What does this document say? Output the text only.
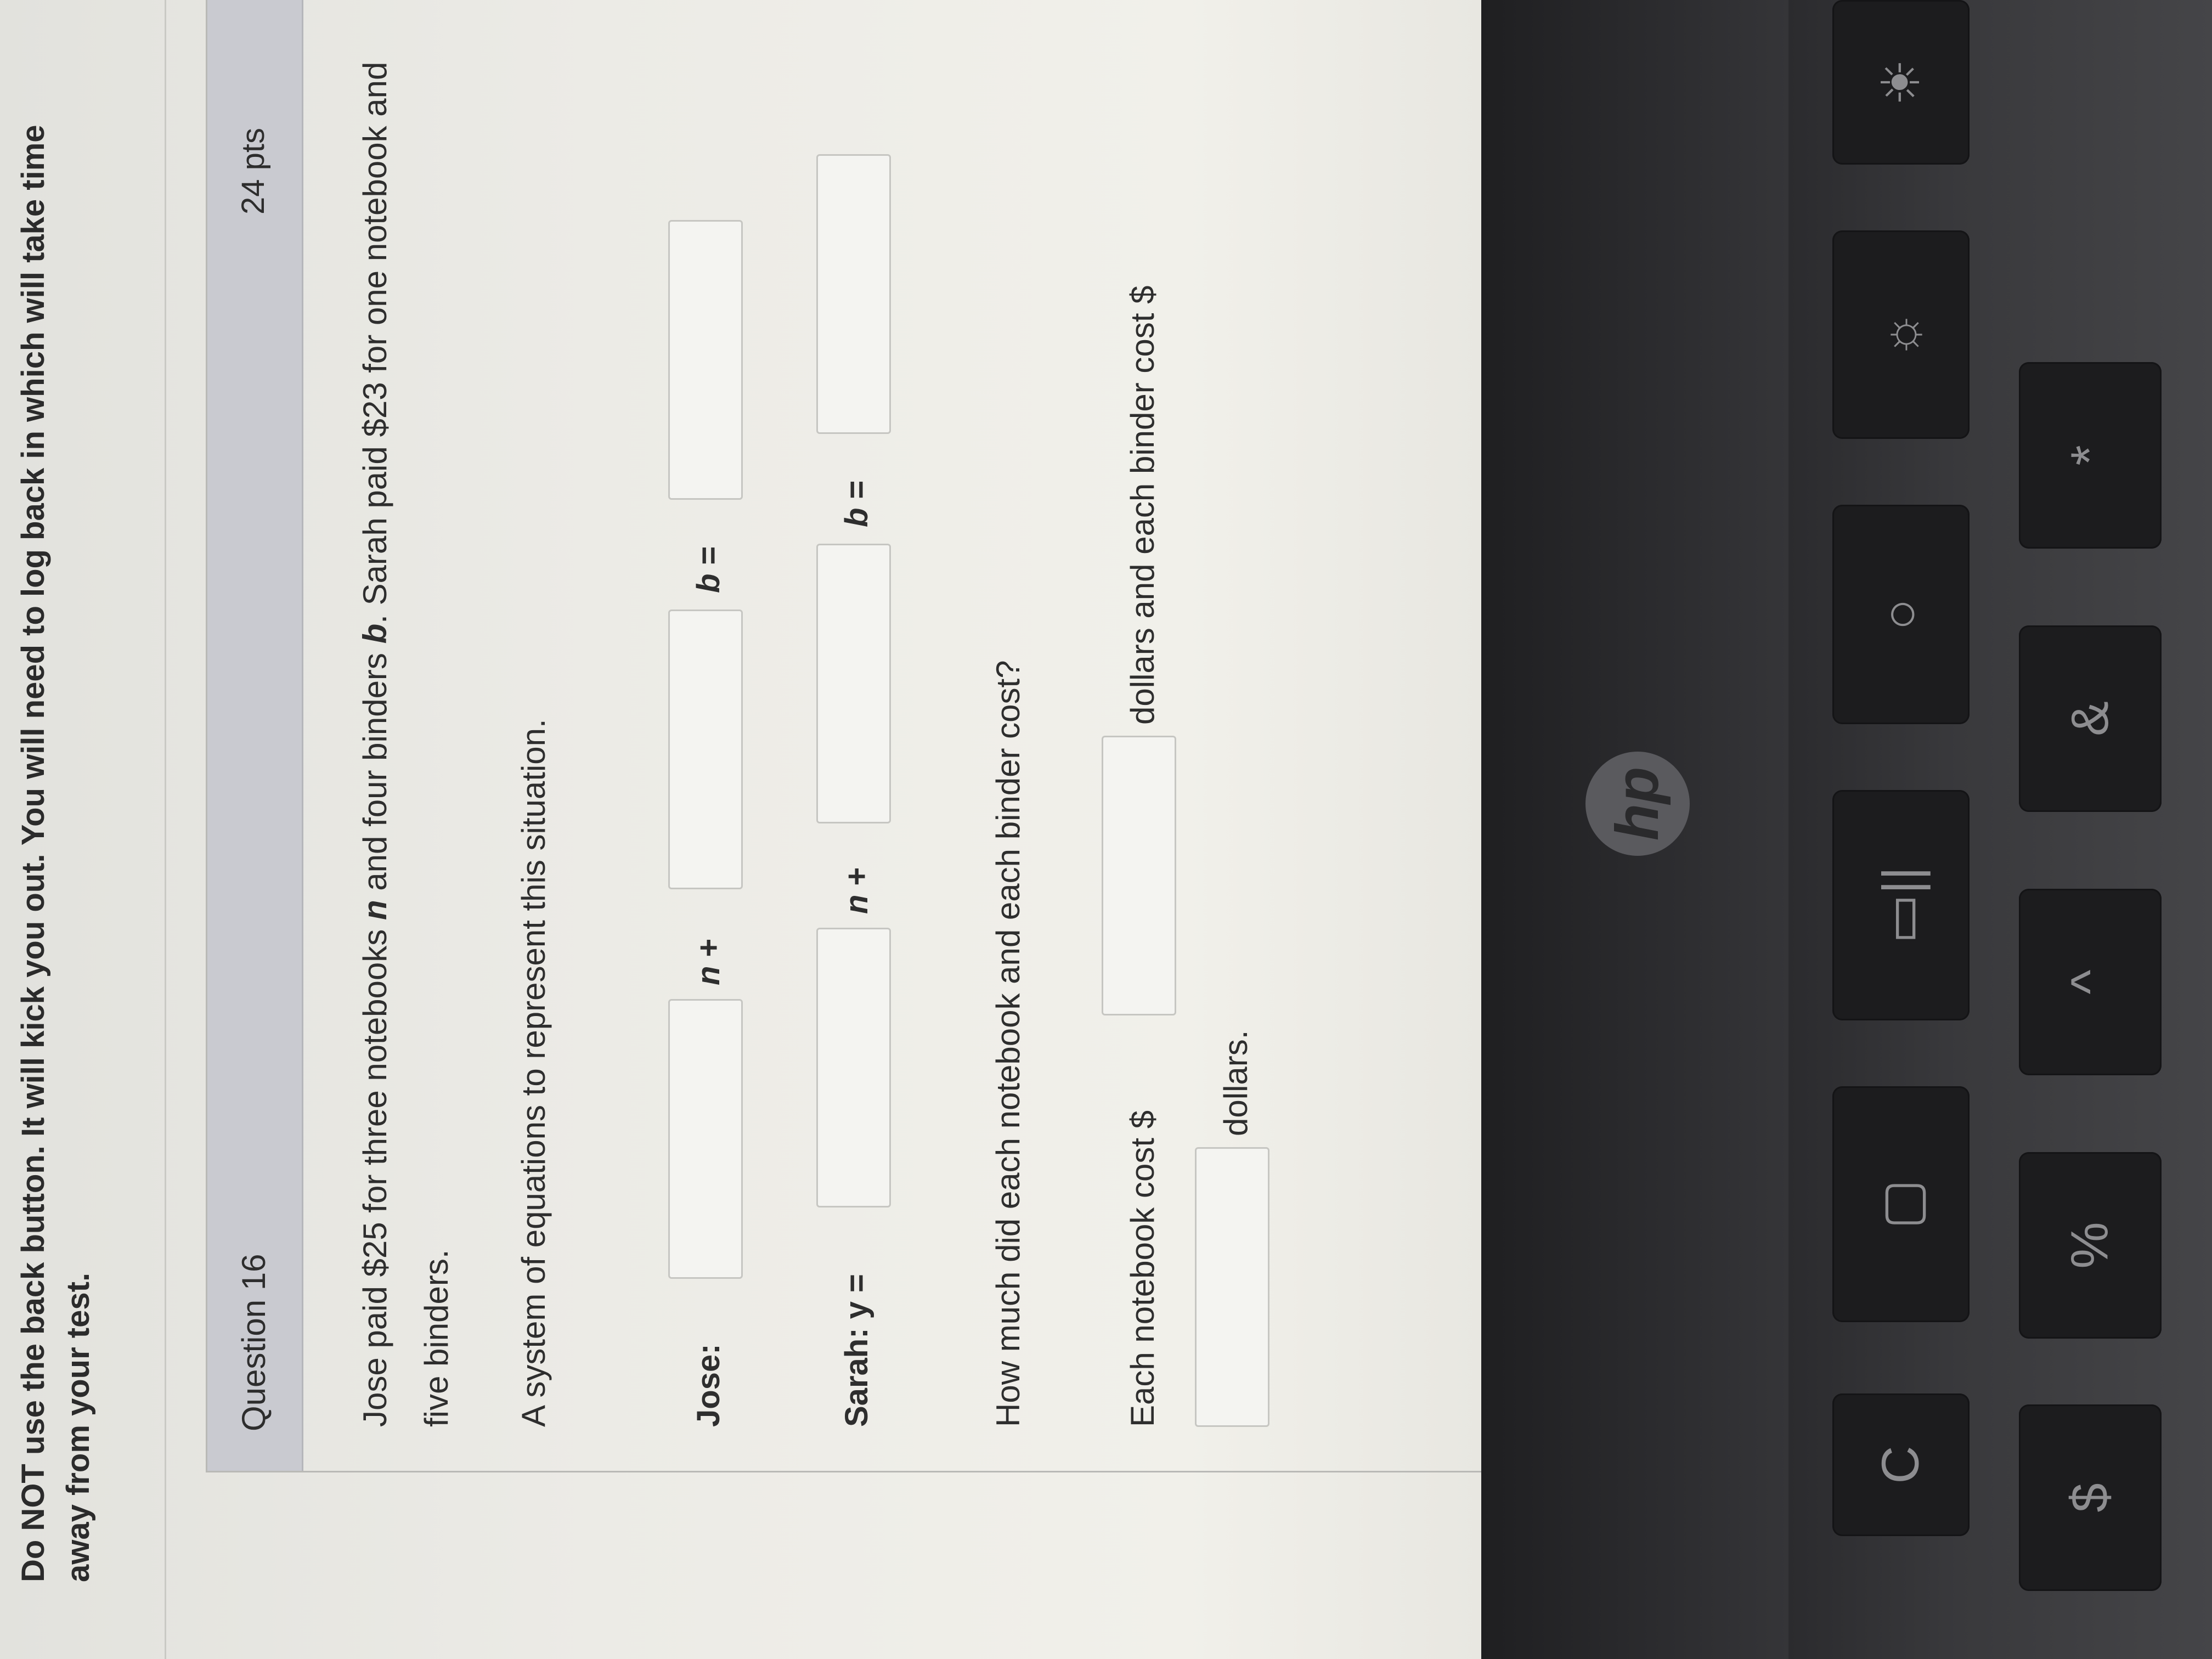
Do NOT use the back button. It will kick you out. You will need to log back in which will take time away from your test.	Question 16
24 pts
Jose paid $25 for three notebooks n and four binders b. Sarah paid $23 for one notebook and five binders.	A system of equations to represent this situation.	Jose:
n +
b =
Sarah: y =
n +
b =
How much did each notebook and each binder cost?	Each notebook cost $
dollars and each binder cost $
dollars.
hp
C
▢
▭||
○
☼
☀
$
%
^
&
*
